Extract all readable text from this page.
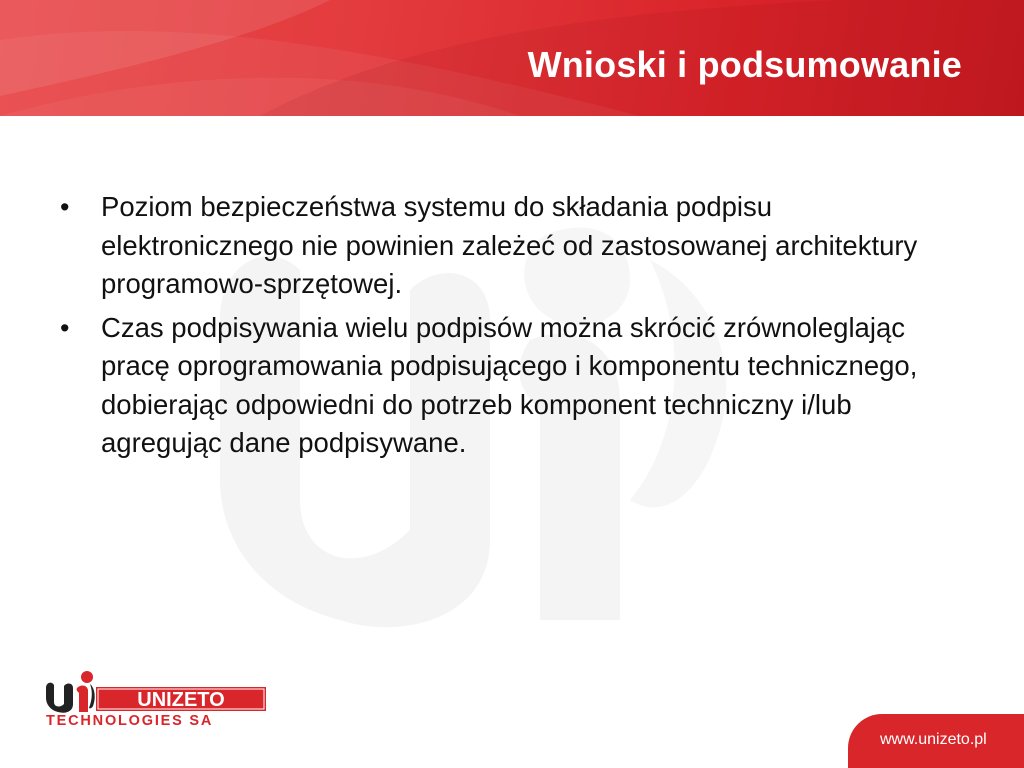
Wnioski i podsumowanie
• Poziom bezpieczeństwa systemu do składania podpisu elektronicznego nie powinien zależeć od zastosowanej architektury programowo-sprzętowej.
• Czas podpisywania wielu podpisów można skrócić zrównoleglając pracę oprogramowania podpisującego i komponentu technicznego, dobierając odpowiedni do potrzeb komponent techniczny i/lub agregując dane podpisywane.
UNIZETO
TECHNOLOGIES SA
www.unizeto.pl
